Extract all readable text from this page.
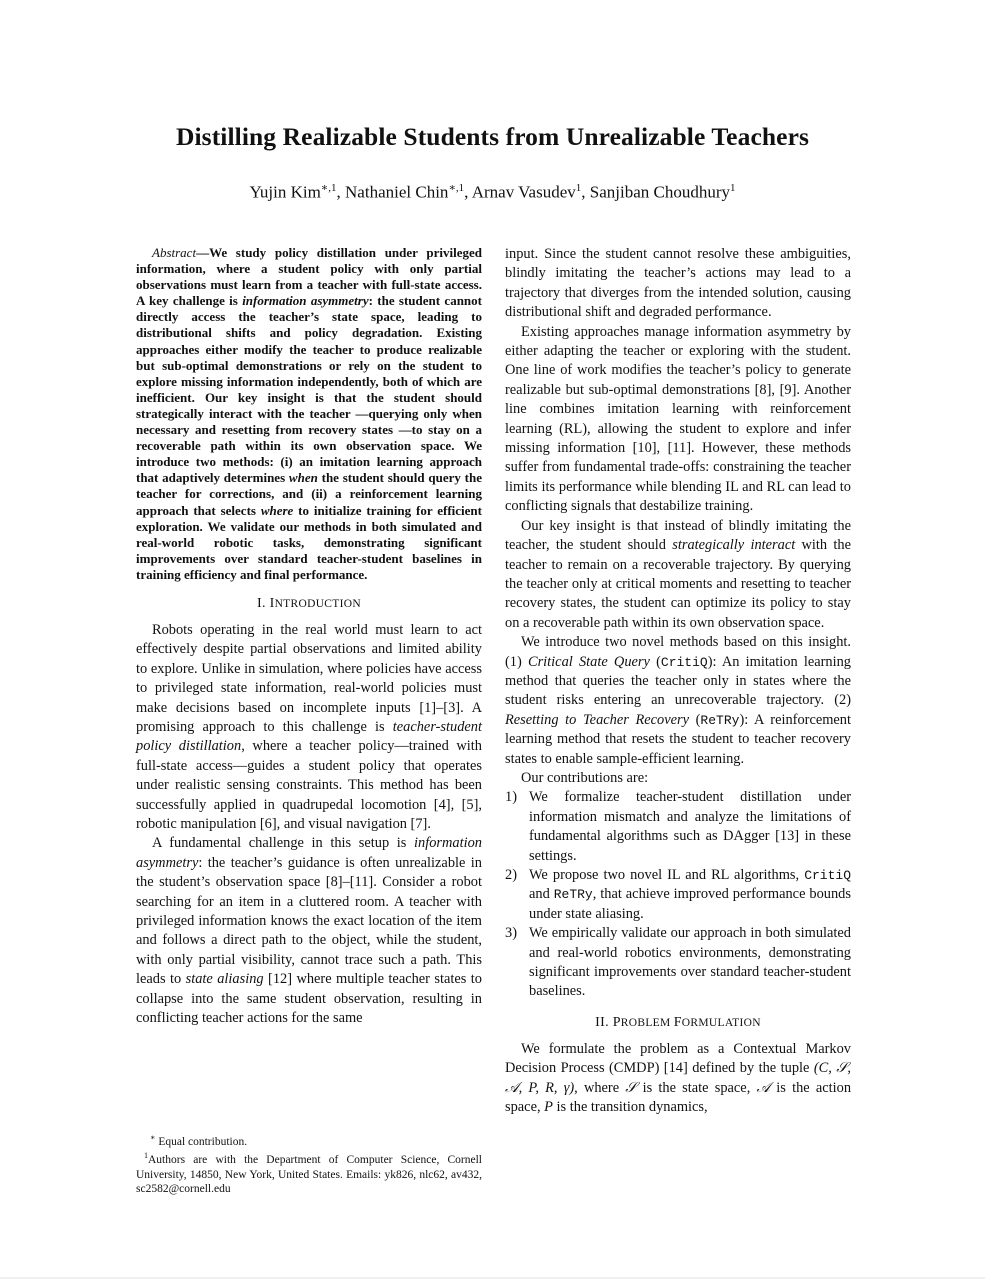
Distilling Realizable Students from Unrealizable Teachers
Yujin Kim$^{∗,1}$, Nathaniel Chin$^{∗,1}$, Arnav Vasudev$^1$, Sanjiban Choudhury$^1$

Abstract—We study policy distillation under privileged information, where a student policy with only partial observations must learn from a teacher with full-state access. A key challenge is information asymmetry: the student cannot directly access the teacher’s state space, leading to distributional shifts and policy degradation. Existing approaches either modify the teacher to produce realizable but sub-optimal demonstrations or rely on the student to explore missing information independently, both of which are inefficient. Our key insight is that the student should strategically interact with the teacher —querying only when necessary and resetting from recovery states —to stay on a recoverable path within its own observation space. We introduce two methods: (i) an imitation learning approach that adaptively determines when the student should query the teacher for corrections, and (ii) a reinforcement learning approach that selects where to initialize training for efficient exploration. We validate our methods in both simulated and real-world robotic tasks, demonstrating significant improvements over standard teacher-student baselines in training efficiency and final performance.

I. INTRODUCTION

Robots operating in the real world must learn to act effectively despite partial observations and limited ability to explore. Unlike in simulation, where policies have access to privileged state information, real-world policies must make decisions based on incomplete inputs [1]–[3]. A promising approach to this challenge is teacher-student policy distillation, where a teacher policy—trained with full-state access—guides a student policy that operates under realistic sensing constraints. This method has been successfully applied in quadrupedal locomotion [4], [5], robotic manipulation [6], and visual navigation [7].

A fundamental challenge in this setup is information asymmetry: the teacher’s guidance is often unrealizable in the student’s observation space [8]–[11]. Consider a robot searching for an item in a cluttered room. A teacher with privileged information knows the exact location of the item and follows a direct path to the object, while the student, with only partial visibility, cannot trace such a path. This leads to state aliasing [12] where multiple teacher states to collapse into the same student observation, resulting in conflicting teacher actions for the same

∗ Equal contribution.
$^1$Authors are with the Department of Computer Science, Cornell University, 14850, New York, United States. Emails: yk826, nlc62, av432, sc2582@cornell.edu

input. Since the student cannot resolve these ambiguities, blindly imitating the teacher’s actions may lead to a trajectory that diverges from the intended solution, causing distributional shift and degraded performance.

Existing approaches manage information asymmetry by either adapting the teacher or exploring with the student. One line of work modifies the teacher’s policy to generate realizable but sub-optimal demonstrations [8], [9]. Another line combines imitation learning with reinforcement learning (RL), allowing the student to explore and infer missing information [10], [11]. However, these methods suffer from fundamental trade-offs: constraining the teacher limits its performance while blending IL and RL can lead to conflicting signals that destabilize training.

Our key insight is that instead of blindly imitating the teacher, the student should strategically interact with the teacher to remain on a recoverable trajectory. By querying the teacher only at critical moments and resetting to teacher recovery states, the student can optimize its policy to stay on a recoverable path within its own observation space.

We introduce two novel methods based on this insight. (1) Critical State Query (CritiQ): An imitation learning method that queries the teacher only in states where the student risks entering an unrecoverable trajectory. (2) Resetting to Teacher Recovery (ReTRy): A reinforcement learning method that resets the student to teacher recovery states to enable sample-efficient learning.

Our contributions are:

1) We formalize teacher-student distillation under information mismatch and analyze the limitations of fundamental algorithms such as DAgger [13] in these settings.
2) We propose two novel IL and RL algorithms, CritiQ and ReTRy, that achieve improved performance bounds under state aliasing.
3) We empirically validate our approach in both simulated and real-world robotics environments, demonstrating significant improvements over standard teacher-student baselines.
II. PROBLEM FORMULATION

We formulate the problem as a Contextual Markov Decision Process (CMDP) [14] defined by the tuple (C, 𝒮, 𝒜, P, R, γ), where 𝒮 is the state space, 𝒜 is the action space, P is the transition dynamics,
